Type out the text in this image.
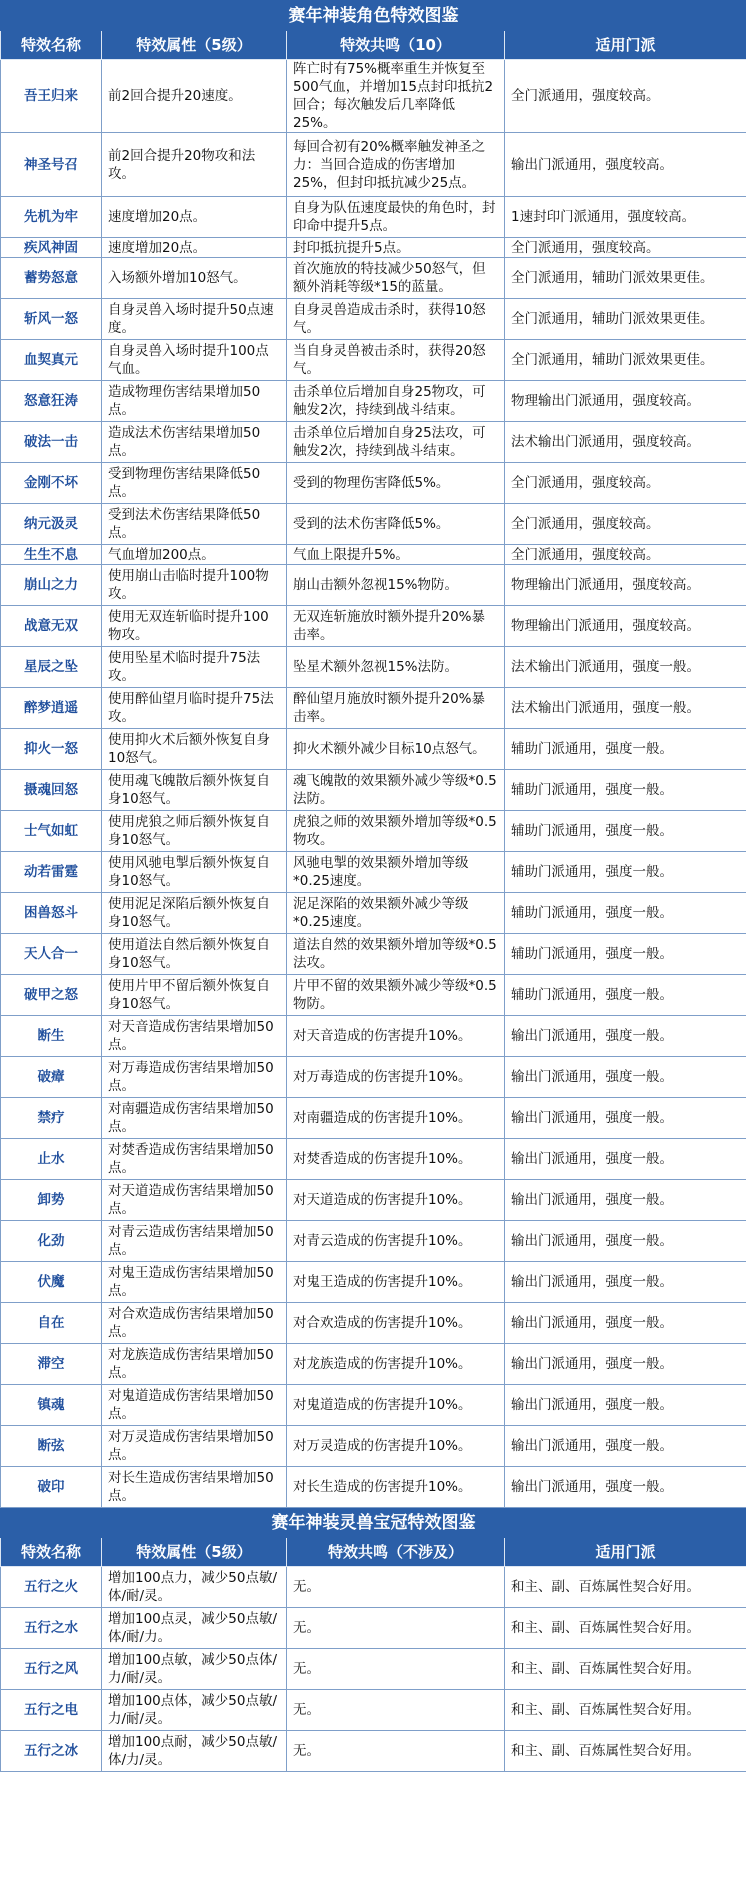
赛年神装角色特效图鉴			
特效名称	特效属性（5级）	特效共鸣（10）	适用门派
吾王归来	前2回合提升20速度。	阵亡时有75%概率重生并恢复至500气血，并增加15点封印抵抗2回合；每次触发后几率降低25%。	全门派通用，强度较高。
神圣号召	前2回合提升20物攻和法攻。	每回合初有20%概率触发神圣之力：当回合造成的伤害增加25%，但封印抵抗减少25点。	输出门派通用，强度较高。
先机为牢	速度增加20点。	自身为队伍速度最快的角色时，封印命中提升5点。	1速封印门派通用，强度较高。
疾风神固	速度增加20点。	封印抵抗提升5点。	全门派通用，强度较高。
蓄势怒意	入场额外增加10怒气。	首次施放的特技减少50怒气，但额外消耗等级*15的蓝量。	全门派通用，辅助门派效果更佳。
斩风一怒	自身灵兽入场时提升50点速度。	自身灵兽造成击杀时，获得10怒气。	全门派通用，辅助门派效果更佳。
血契真元	自身灵兽入场时提升100点气血。	当自身灵兽被击杀时，获得20怒气。	全门派通用，辅助门派效果更佳。
怒意狂涛	造成物理伤害结果增加50点。	击杀单位后增加自身25物攻，可触发2次，持续到战斗结束。	物理输出门派通用，强度较高。
破法一击	造成法术伤害结果增加50点。	击杀单位后增加自身25法攻，可触发2次，持续到战斗结束。	法术输出门派通用，强度较高。
金刚不坏	受到物理伤害结果降低50点。	受到的物理伤害降低5%。	全门派通用，强度较高。
纳元汲灵	受到法术伤害结果降低50点。	受到的法术伤害降低5%。	全门派通用，强度较高。
生生不息	气血增加200点。	气血上限提升5%。	全门派通用，强度较高。
崩山之力	使用崩山击临时提升100物攻。	崩山击额外忽视15%物防。	物理输出门派通用，强度较高。
战意无双	使用无双连斩临时提升100物攻。	无双连斩施放时额外提升20%暴击率。	物理输出门派通用，强度较高。
星辰之坠	使用坠星术临时提升75法攻。	坠星术额外忽视15%法防。	法术输出门派通用，强度一般。
醉梦逍遥	使用醉仙望月临时提升75法攻。	醉仙望月施放时额外提升20%暴击率。	法术输出门派通用，强度一般。
抑火一怒	使用抑火术后额外恢复自身10怒气。	抑火术额外减少目标10点怒气。	辅助门派通用，强度一般。
摄魂回怒	使用魂飞魄散后额外恢复自身10怒气。	魂飞魄散的效果额外减少等级*0.5法防。	辅助门派通用，强度一般。
士气如虹	使用虎狼之师后额外恢复自身10怒气。	虎狼之师的效果额外增加等级*0.5物攻。	辅助门派通用，强度一般。
动若雷霆	使用风驰电掣后额外恢复自身10怒气。	风驰电掣的效果额外增加等级*0.25速度。	辅助门派通用，强度一般。
困兽怒斗	使用泥足深陷后额外恢复自身10怒气。	泥足深陷的效果额外减少等级*0.25速度。	辅助门派通用，强度一般。
天人合一	使用道法自然后额外恢复自身10怒气。	道法自然的效果额外增加等级*0.5法攻。	辅助门派通用，强度一般。
破甲之怒	使用片甲不留后额外恢复自身10怒气。	片甲不留的效果额外减少等级*0.5物防。	辅助门派通用，强度一般。
断生	对天音造成伤害结果增加50点。	对天音造成的伤害提升10%。	输出门派通用，强度一般。
破瘴	对万毒造成伤害结果增加50点。	对万毒造成的伤害提升10%。	输出门派通用，强度一般。
禁疗	对南疆造成伤害结果增加50点。	对南疆造成的伤害提升10%。	输出门派通用，强度一般。
止水	对焚香造成伤害结果增加50点。	对焚香造成的伤害提升10%。	输出门派通用，强度一般。
卸势	对天道造成伤害结果增加50点。	对天道造成的伤害提升10%。	输出门派通用，强度一般。
化劲	对青云造成伤害结果增加50点。	对青云造成的伤害提升10%。	输出门派通用，强度一般。
伏魔	对鬼王造成伤害结果增加50点。	对鬼王造成的伤害提升10%。	输出门派通用，强度一般。
自在	对合欢造成伤害结果增加50点。	对合欢造成的伤害提升10%。	输出门派通用，强度一般。
滞空	对龙族造成伤害结果增加50点。	对龙族造成的伤害提升10%。	输出门派通用，强度一般。
镇魂	对鬼道造成伤害结果增加50点。	对鬼道造成的伤害提升10%。	输出门派通用，强度一般。
断弦	对万灵造成伤害结果增加50点。	对万灵造成的伤害提升10%。	输出门派通用，强度一般。
破印	对长生造成伤害结果增加50点。	对长生造成的伤害提升10%。	输出门派通用，强度一般。
赛年神装灵兽宝冠特效图鉴			
特效名称	特效属性（5级）	特效共鸣（不涉及）	适用门派
五行之火	增加100点力，减少50点敏/体/耐/灵。	无。	和主、副、百炼属性契合好用。
五行之水	增加100点灵，减少50点敏/体/耐/力。	无。	和主、副、百炼属性契合好用。
五行之风	增加100点敏，减少50点体/力/耐/灵。	无。	和主、副、百炼属性契合好用。
五行之电	增加100点体，减少50点敏/力/耐/灵。	无。	和主、副、百炼属性契合好用。
五行之冰	增加100点耐，减少50点敏/体/力/灵。	无。	和主、副、百炼属性契合好用。
